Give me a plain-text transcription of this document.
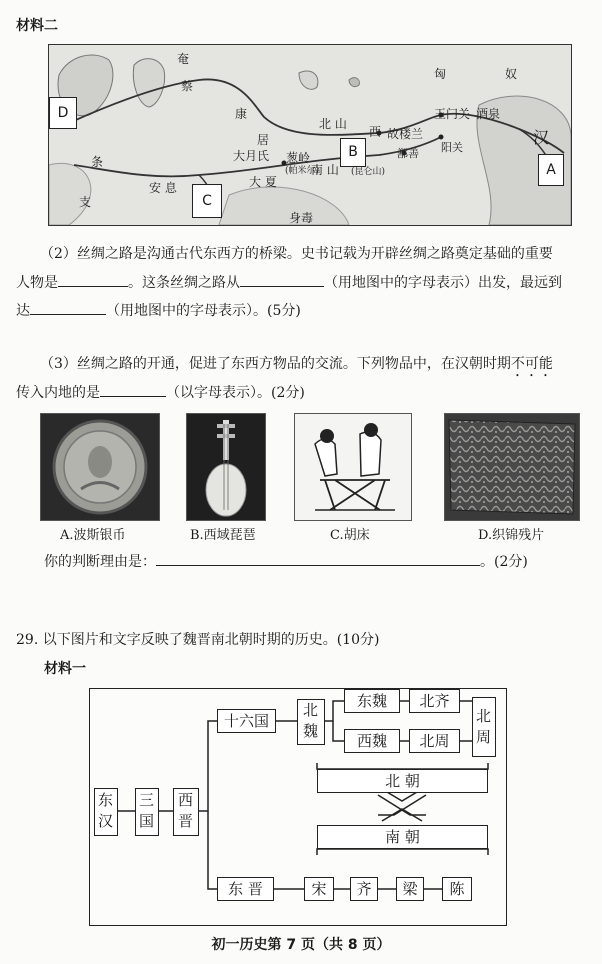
材料二
奄
蔡
康
居
匈	奴
汉
北 山
西 故楼兰
玉门关 酒泉
阳关
鄯善
南 山 (昆仑山)
大月氏 葱岭
(帕米尔)
大 夏
安 息
条
支
身毒
D
B
C
A
（2）丝绸之路是沟通古代东西方的桥梁。史书记载为开辟丝绸之路奠定基础的重要
人物是	。这条丝绸之路从	（用地图中的字母表示）出发，最远到
达	（用地图中的字母表示）。(5分)
（3）丝绸之路的开通，促进了东西方物品的交流。下列物品中，在汉朝时期不可能
传入内地的是	（以字母表示）。(2分)
A.波斯银币	B.西域琵琶	C.胡床	D.织锦残片
你的判断理由是：	。(2分)
29. 以下图片和文字反映了魏晋南北朝时期的历史。(10分)
材料一
东汉 三国 西晋
十六国	北魏
东魏	北齐
西魏	北周	北周
北 朝
南 朝
东 晋	宋	齐	梁	陈
初一历史第 7 页（共 8 页）
